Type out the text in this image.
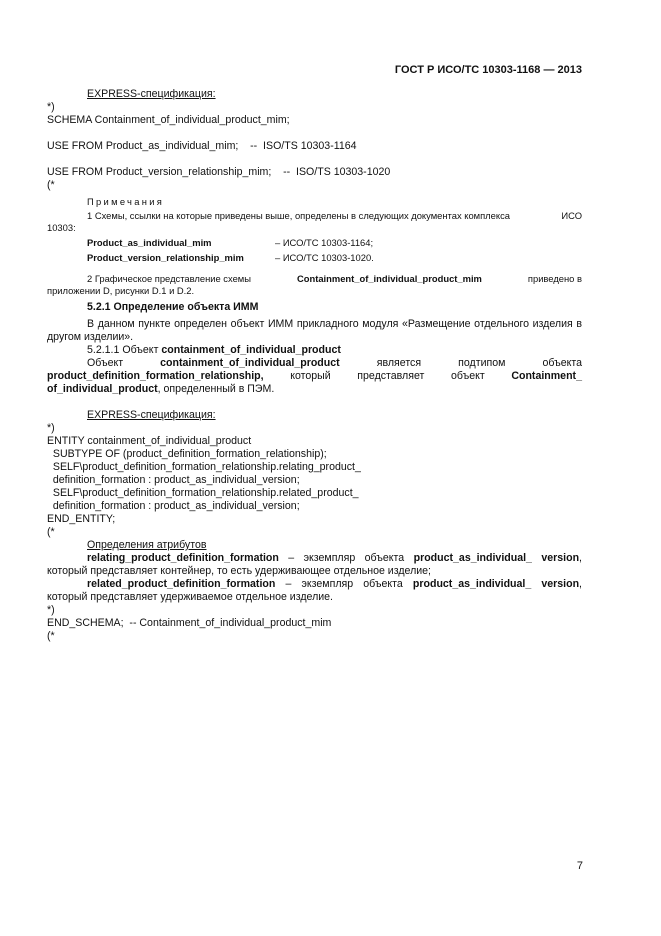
ГОСТ Р ИСО/ТС 10303-1168 — 2013
EXPRESS-спецификация:
*)
SCHEMA Containment_of_individual_product_mim;
USE FROM Product_as_individual_mim;    --  ISO/TS 10303-1164
USE FROM Product_version_relationship_mim;    --  ISO/TS 10303-1020
(*
Примечания
1 Схемы, ссылки на которые приведены выше, определены в следующих документах комплекса	ИСО
10303:
Product_as_individual_mim	– ИСО/ТС 10303-1164;
Product_version_relationship_mim	– ИСО/ТС 10303-1020.
2 Графическое представление схемы	Containment_of_individual_product_mim	приведено в
приложении D, рисунки D.1 и D.2.
5.2.1 Определение объекта ИММ
В данном пункте определен объект ИММ прикладного модуля «Размещение отдельного изделия в другом изделии».
5.2.1.1 Объект containment_of_individual_product
Объект	containment_of_individual_product	является	подтипом	объекта
product_definition_formation_relationship,	который	представляет	объект	Containment_
of_individual_product, определенный в ПЭМ.
EXPRESS-спецификация:
*)
ENTITY containment_of_individual_product
SUBTYPE OF (product_definition_formation_relationship);
SELF\product_definition_formation_relationship.relating_product_
definition_formation : product_as_individual_version;
SELF\product_definition_formation_relationship.related_product_
definition_formation : product_as_individual_version;
END_ENTITY;
(*
Определения атрибутов
relating_product_definition_formation – экземпляр объекта product_as_individual_ version, который представляет контейнер, то есть удерживающее отдельное изделие;
related_product_definition_formation – экземпляр объекта product_as_individual_ version, который представляет удерживаемое отдельное изделие.
*)
END_SCHEMA;  -- Containment_of_individual_product_mim
(*
7
